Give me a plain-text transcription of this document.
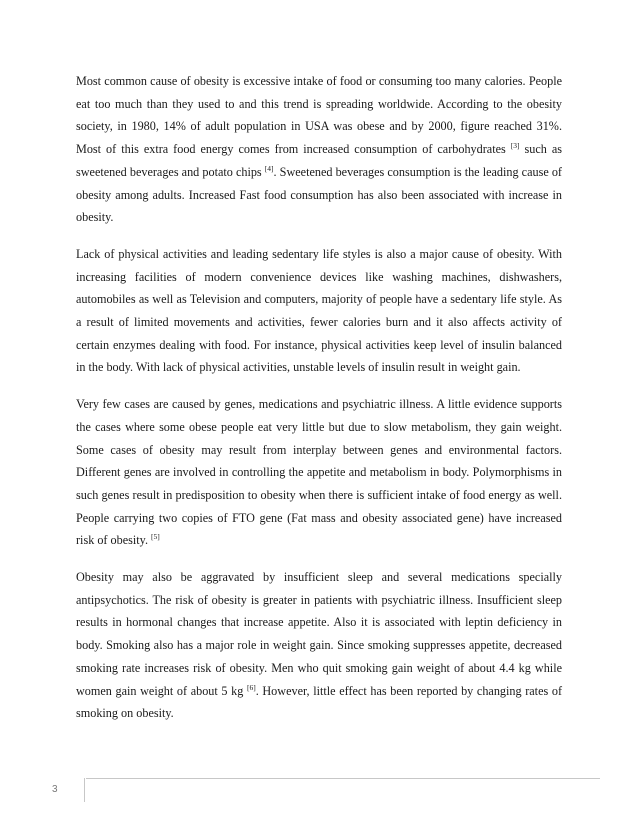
Most common cause of obesity is excessive intake of food or consuming too many calories. People eat too much than they used to and this trend is spreading worldwide. According to the obesity society, in 1980, 14% of adult population in USA was obese and by 2000, figure reached 31%. Most of this extra food energy comes from increased consumption of carbohydrates [3] such as sweetened beverages and potato chips [4]. Sweetened beverages consumption is the leading cause of obesity among adults. Increased Fast food consumption has also been associated with increase in obesity.

Lack of physical activities and leading sedentary life styles is also a major cause of obesity. With increasing facilities of modern convenience devices like washing machines, dishwashers, automobiles as well as Television and computers, majority of people have a sedentary life style. As a result of limited movements and activities, fewer calories burn and it also affects activity of certain enzymes dealing with food. For instance, physical activities keep level of insulin balanced in the body. With lack of physical activities, unstable levels of insulin result in weight gain.

Very few cases are caused by genes, medications and psychiatric illness. A little evidence supports the cases where some obese people eat very little but due to slow metabolism, they gain weight. Some cases of obesity may result from interplay between genes and environmental factors. Different genes are involved in controlling the appetite and metabolism in body. Polymorphisms in such genes result in predisposition to obesity when there is sufficient intake of food energy as well. People carrying two copies of FTO gene (Fat mass and obesity associated gene) have increased risk of obesity. [5]

Obesity may also be aggravated by insufficient sleep and several medications specially antipsychotics. The risk of obesity is greater in patients with psychiatric illness. Insufficient sleep results in hormonal changes that increase appetite. Also it is associated with leptin deficiency in body. Smoking also has a major role in weight gain. Since smoking suppresses appetite, decreased smoking rate increases risk of obesity. Men who quit smoking gain weight of about 4.4 kg while women gain weight of about 5 kg [6]. However, little effect has been reported by changing rates of smoking on obesity.

3
